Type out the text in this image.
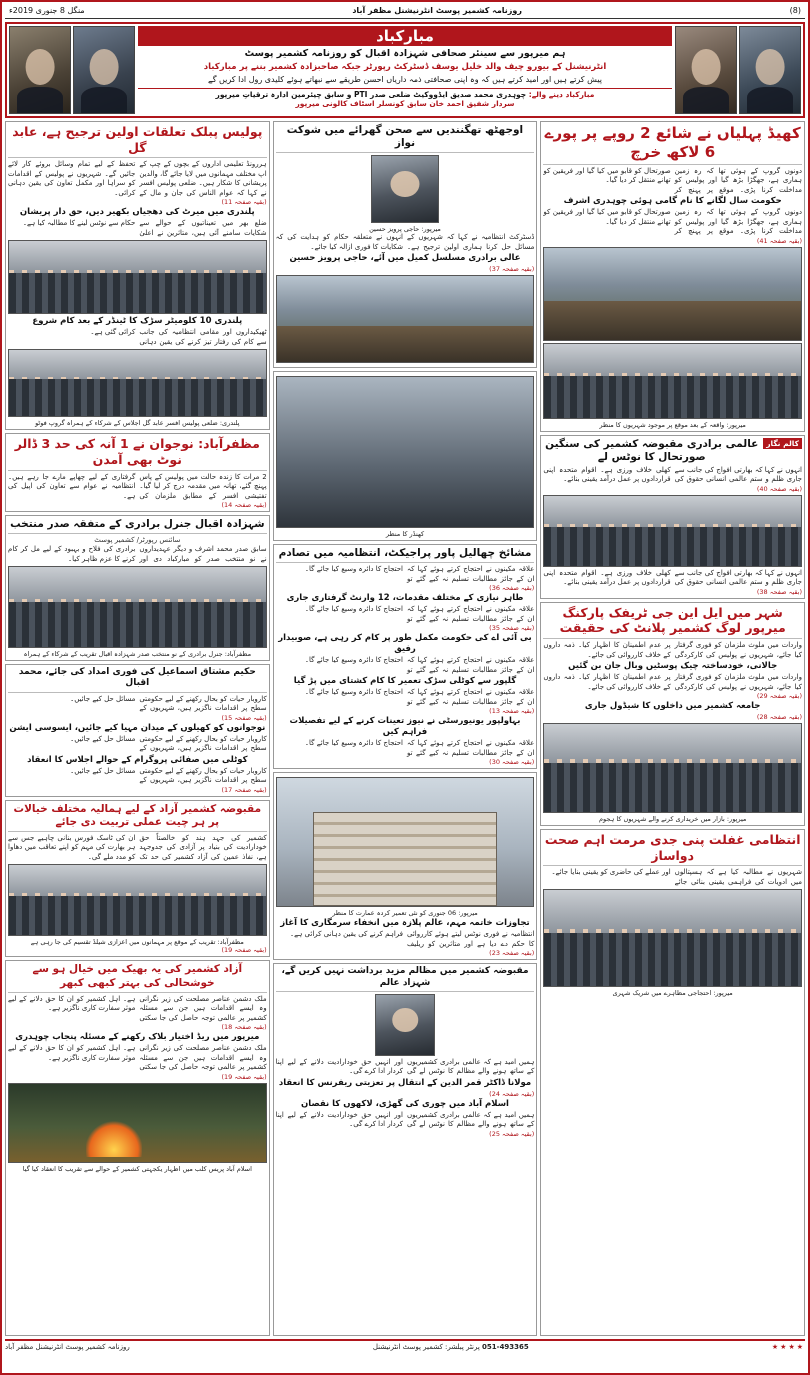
(8)
روزنامہ کشمیر پوسٹ انٹرنیشنل مظفر آباد
منگل 8 جنوری 2019ء
مبارکباد
ہم میرپور سے سینئر صحافی شہزادہ اقبال کو روزنامہ کشمیر پوسٹ
انٹرنیشنل کے بیورو چیف والد خلیل یوسف ڈسٹرکٹ رپورٹر جبکہ صاحبزادہ کشمیر بننے پر مبارکباد
پیش کرتے ہیں اور امید کرتے ہیں کہ وہ اپنی صحافتی ذمہ داریاں احسن طریقے سے نبھاتے ہوئے کلیدی رول ادا کریں گے
مبارکباد دینے والے: چوہدری محمد صدیق ایڈووکیٹ ضلعی صدر PTI و سابق چیئرمین ادارہ ترقیاتِ میرپور
سردار شفیق احمد خان سابق کونسلر اسٹاف کالونی میرپور
کھیڈ پہلیاں نے شائع 2 روپے پر پورے 6 لاکھ خرچ
دونوں گروپ کے ہوئی تھا کہ رہ زمین ہماری ہے، جھگڑا بڑھ گیا اور پولیس کو مداخلت کرنا پڑی۔ موقع پر پہنچ کر صورتحال کو قابو میں کیا گیا اور فریقین کو تھانے منتقل کر دیا گیا۔
حکومت سال لگانے کا نام گامی ہوئی چوہدری اشرف
دونوں گروپ کے ہوئی تھا کہ رہ زمین ہماری ہے، جھگڑا بڑھ گیا اور پولیس کو مداخلت کرنا پڑی۔ موقع پر پہنچ کر صورتحال کو قابو میں کیا گیا اور فریقین کو تھانے منتقل کر دیا گیا۔
(بقیہ صفحہ 41)
میرپور: واقعہ کے بعد موقع پر موجود شہریوں کا منظر
کالم نگار
عالمی برادری مقبوضہ کشمیر کی سنگین صورتحال کا نوٹس لے
انہوں نے کہا کہ بھارتی افواج کی جانب سے جاری ظلم و ستم عالمی انسانی حقوق کی کھلی خلاف ورزی ہے۔ اقوام متحدہ اپنی قراردادوں پر عمل درآمد یقینی بنائے۔
(بقیہ صفحہ 40)
انہوں نے کہا کہ بھارتی افواج کی جانب سے جاری ظلم و ستم عالمی انسانی حقوق کی کھلی خلاف ورزی ہے۔ اقوام متحدہ اپنی قراردادوں پر عمل درآمد یقینی بنائے۔
(بقیہ صفحہ 38)
شہر میں ایل این جی ٹریفک پارکنگ میرپور لوگ کشمیر پلانٹ کی حقیقت
واردات میں ملوث ملزمان کو فوری گرفتار کیا جائے، شہریوں نے پولیس کی کارکردگی پر عدم اطمینان کا اظہار کیا۔ ذمہ داروں کے خلاف کارروائی کی جائے۔
جالانی، خودساختہ چیک پوسٹیں وبال جان بن گئیں
واردات میں ملوث ملزمان کو فوری گرفتار کیا جائے، شہریوں نے پولیس کی کارکردگی پر عدم اطمینان کا اظہار کیا۔ ذمہ داروں کے خلاف کارروائی کی جائے۔
(بقیہ صفحہ 29)
جامعہ کشمیر میں داخلوں کا شیڈول جاری
(بقیہ صفحہ 28)
میرپور: بازار میں خریداری کرنے والے شہریوں کا ہجوم
انتظامی غفلت پنی جدی مرمت اہم صحت دواساز
شہریوں نے مطالبہ کیا ہے کہ ہسپتالوں میں ادویات کی فراہمی یقینی بنائی جائے اور عملے کی حاضری کو یقینی بنایا جائے۔
میرپور: احتجاجی مظاہرے میں شریک شہری
اوجھٹھ تھگنندیں سے صحن گھرائے میں شوکت نواز
میرپور: حاجی پرویز حسین
ڈسٹرکٹ انتظامیہ نے کہا کہ شہریوں کے مسائل حل کرنا ہماری اولین ترجیح ہے۔ انہوں نے متعلقہ حکام کو ہدایت کی کہ شکایات کا فوری ازالہ کیا جائے۔
عالی برادری مسلسل کمیل میں آئے، حاجی پرویز حسین
(بقیہ صفحہ 37)
کھنڈر کا منظر
مشائخ چھالیل پاور پراجیکٹ، انتظامیہ میں تصادم
علاقہ مکینوں نے احتجاج کرتے ہوئے کہا کہ ان کے جائز مطالبات تسلیم نہ کیے گئے تو احتجاج کا دائرہ وسیع کیا جائے گا۔
(بقیہ صفحہ 36)
طاہر نیازی کے مختلف مقدمات، 12 وارنٹ گرفتاری جاری
علاقہ مکینوں نے احتجاج کرتے ہوئے کہا کہ ان کے جائز مطالبات تسلیم نہ کیے گئے تو احتجاج کا دائرہ وسیع کیا جائے گا۔
(بقیہ صفحہ 35)
بی آئی اے کی حکومت مکمل طور پر کام کر رہی ہے، صوبیدار رفیق
علاقہ مکینوں نے احتجاج کرتے ہوئے کہا کہ ان کے جائز مطالبات تسلیم نہ کیے گئے تو احتجاج کا دائرہ وسیع کیا جائے گا۔
گلپور سے کوٹلی سڑک تعمیر کا کام کشتای میں پڑ گیا
علاقہ مکینوں نے احتجاج کرتے ہوئے کہا کہ ان کے جائز مطالبات تسلیم نہ کیے گئے تو احتجاج کا دائرہ وسیع کیا جائے گا۔
(بقیہ صفحہ 13)
بہاولپور یونیورسٹی نے نیوز تعینات کرنے کے لیے تفصیلات فراہم کیں
علاقہ مکینوں نے احتجاج کرتے ہوئے کہا کہ ان کے جائز مطالبات تسلیم نہ کیے گئے تو احتجاج کا دائرہ وسیع کیا جائے گا۔
(بقیہ صفحہ 30)
میرپور: 06 جنوری کو نئی تعمیر کردہ عمارت کا منظر
تجاوزات خاتمہ مہم، عالم پلازہ میں انخفاء سرمگاری کا آغاز
انتظامیہ نے فوری نوٹس لیتے ہوئے کارروائی کا حکم دے دیا ہے اور متاثرین کو ریلیف فراہم کرنے کی یقین دہانی کرائی ہے۔
(بقیہ صفحہ 23)
مقبوضہ کشمیر میں مظالم مزید برداشت نہیں کریں گے، شہزاد عالم
ہمیں امید ہے کہ عالمی برادری کشمیریوں کے ساتھ ہونے والے مظالم کا نوٹس لے گی اور انہیں حق خودارادیت دلانے کے لیے اپنا کردار ادا کرے گی۔
مولانا ڈاکٹر قمر الدین کے انتقال پر تعزیتی ریفرنس کا انعقاد
(بقیہ صفحہ 24)
اسلام آباد میں چوری کی گھڑی، لاکھوں کا نقصان
ہمیں امید ہے کہ عالمی برادری کشمیریوں کے ساتھ ہونے والے مظالم کا نوٹس لے گی اور انہیں حق خودارادیت دلانے کے لیے اپنا کردار ادا کرے گی۔
(بقیہ صفحہ 25)
پولیس پبلک تعلقات اولین ترجیح ہے، عابد گل
ہررونڈ تعلیمی اداروں کے بچوں کے چپ کے اپ مختلف مہمانوں میں لایا جائے گا، والدین پریشانی کا شکار ہیں۔ ضلعی پولیس افسر نے کہا کہ عوام الناس کی جان و مال کے تحفظ کے لیے تمام وسائل بروئے کار لائے جائیں گے۔ شہریوں نے پولیس کے اقدامات کو سراہا اور مکمل تعاون کی یقین دہانی کرائی۔
(بقیہ صفحہ 11)
پلندری میں میرٹ کی دھجیاں بکھیر دیں، حق دار پریشان
ضلع بھر میں تعیناتیوں کے حوالے سے شکایات سامنے آئی ہیں، متاثرین نے اعلیٰ حکام سے نوٹس لینے کا مطالبہ کیا ہے۔
پلندری 10 کلومیٹر سڑک کا ٹینڈر کے بعد کام شروع
ٹھیکیداروں اور مقامی انتظامیہ کی جانب سے کام کی رفتار تیز کرنے کی یقین دہانی کرائی گئی ہے۔
پلندری: ضلعی پولیس افسر عابد گل اجلاس کے شرکاء کے ہمراہ گروپ فوٹو
مظفرآباد: نوجوان نے 1 آنہ کی حد 3 ڈالر نوٹ بھی آمدن
2 مرات کا زندہ حالت میں پولیس کے پاس پہنچ گئے، تھانہ میں مقدمہ درج کر لیا گیا۔ تفتیشی افسر کے مطابق ملزمان کی گرفتاری کے لیے چھاپے مارے جا رہے ہیں۔ انتظامیہ نے عوام سے تعاون کی اپیل کی ہے۔
(بقیہ صفحہ 14)
شہزادہ اقبال جنرل برادری کے متفقہ صدر منتخب
سائنس رپورٹر/ کشمیر پوسٹ
سابق صدر محمد اشرف و دیگر عہدیداروں نے نو منتخب صدر کو مبارکباد دی اور برادری کی فلاح و بہبود کے لیے مل کر کام کرنے کا عزم ظاہر کیا۔
مظفرآباد: جنرل برادری کے نو منتخب صدر شہزادہ اقبال تقریب کے شرکاء کے ہمراہ
حکیم مشتاق اسماعیل کی فوری امداد کی جائے، محمد اقبال
کاروبار حیات کو بحال رکھنے کے لیے حکومتی سطح پر اقدامات ناگزیر ہیں، شہریوں کے مسائل حل کیے جائیں۔
(بقیہ صفحہ 15)
نوجوانوں کو کھیلوں کے میدان مہیا کیے جائیں، ایسوسی ایشن
کاروبار حیات کو بحال رکھنے کے لیے حکومتی سطح پر اقدامات ناگزیر ہیں، شہریوں کے مسائل حل کیے جائیں۔
کوٹلی میں صفائی پروگرام کے حوالے اجلاس کا انعقاد
کاروبار حیات کو بحال رکھنے کے لیے حکومتی سطح پر اقدامات ناگزیر ہیں، شہریوں کے مسائل حل کیے جائیں۔
(بقیہ صفحہ 17)
مقبوضہ کشمیر آزاد کے لیے ہمالیہ مختلف خیالات پر ہر چیت عملی تربیت دی جائے
کشمیر کی جہد ہند کو خالصتاً حق خودارادیت کی بنیاد پر آزادی کی جدوجہد ہے، نفاذ عمین کی آزاد کشمیر کی حد تک ان کی ٹاسک فورس بنانی چاہیے جس سے ہر بھارت کی مہم کو اپنے تعاقب میں دھاوا کو مدد ملے گی۔
مظفرآباد: تقریب کے موقع پر مہمانوں میں اعزازی شیلڈ تقسیم کی جا رہی ہے
(بقیہ صفحہ 19)
آزاد کشمیر کی یہ بھیک میں خیال ہو سے خوشحالی کی بہتر کبھی کبھر
ملک دشمن عناصر مصلحت کی زیر نگرانی وہ ایسے اقدامات ہیں جن سے مسئلہ کشمیر پر عالمی توجہ حاصل کی جا سکتی ہے۔ اہل کشمیر کو ان کا حق دلانے کے لیے موثر سفارت کاری ناگزیر ہے۔
(بقیہ صفحہ 18)
میرپور میں ریڈ اختیار بلاک رکھنے کے مسئلہ پنجاب چوہدری
ملک دشمن عناصر مصلحت کی زیر نگرانی وہ ایسے اقدامات ہیں جن سے مسئلہ کشمیر پر عالمی توجہ حاصل کی جا سکتی ہے۔ اہل کشمیر کو ان کا حق دلانے کے لیے موثر سفارت کاری ناگزیر ہے۔
(بقیہ صفحہ 19)
اسلام آباد پریس کلب میں اظہار یکجہتی کشمیر کے حوالے سے تقریب کا انعقاد کیا گیا
★★★★
051-493365 پرنٹر پبلشر: کشمیر پوسٹ انٹرنیشنل
روزنامہ کشمیر پوسٹ انٹرنیشنل مظفر آباد
